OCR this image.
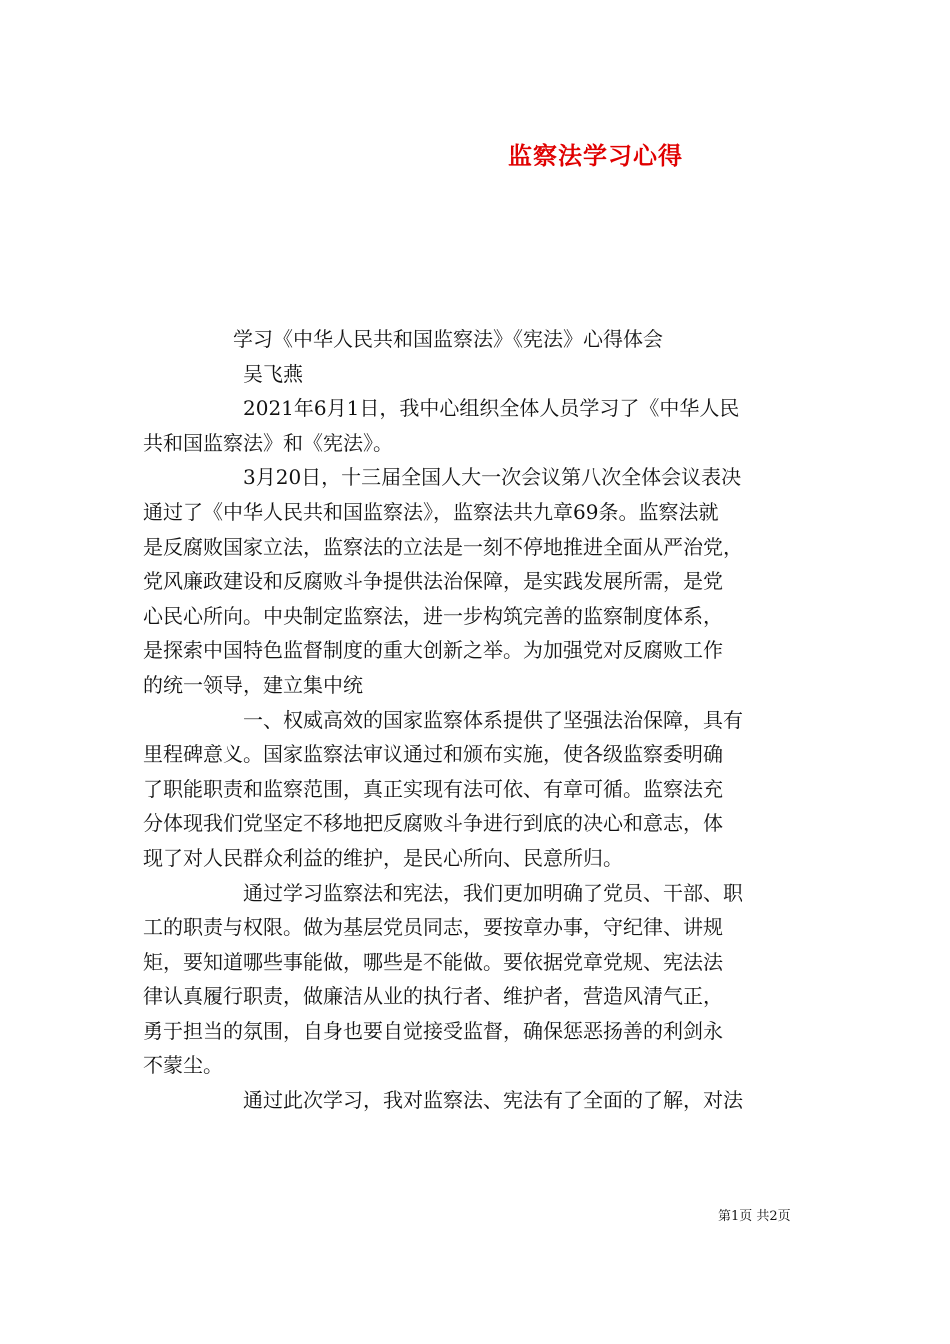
监察法学习心得
学习《中华人民共和国监察法》《宪法》心得体会
吴飞燕
2021年6月1日，我中心组织全体人员学习了《中华人民
共和国监察法》和《宪法》。
3月20日，十三届全国人大一次会议第八次全体会议表决
通过了《中华人民共和国监察法》，监察法共九章69条。监察法就
是反腐败国家立法，监察法的立法是一刻不停地推进全面从严治党，
党风廉政建设和反腐败斗争提供法治保障，是实践发展所需，是党
心民心所向。中央制定监察法，进一步构筑完善的监察制度体系，
是探索中国特色监督制度的重大创新之举。为加强党对反腐败工作
的统一领导，建立集中统
一、权威高效的国家监察体系提供了坚强法治保障，具有
里程碑意义。国家监察法审议通过和颁布实施，使各级监察委明确
了职能职责和监察范围，真正实现有法可依、有章可循。监察法充
分体现我们党坚定不移地把反腐败斗争进行到底的决心和意志，体
现了对人民群众利益的维护，是民心所向、民意所归。
通过学习监察法和宪法，我们更加明确了党员、干部、职
工的职责与权限。做为基层党员同志，要按章办事，守纪律、讲规
矩，要知道哪些事能做，哪些是不能做。要依据党章党规、宪法法
律认真履行职责，做廉洁从业的执行者、维护者，营造风清气正，
勇于担当的氛围，自身也要自觉接受监督，确保惩恶扬善的利剑永
不蒙尘。
通过此次学习，我对监察法、宪法有了全面的了解，对法
第1页 共2页
